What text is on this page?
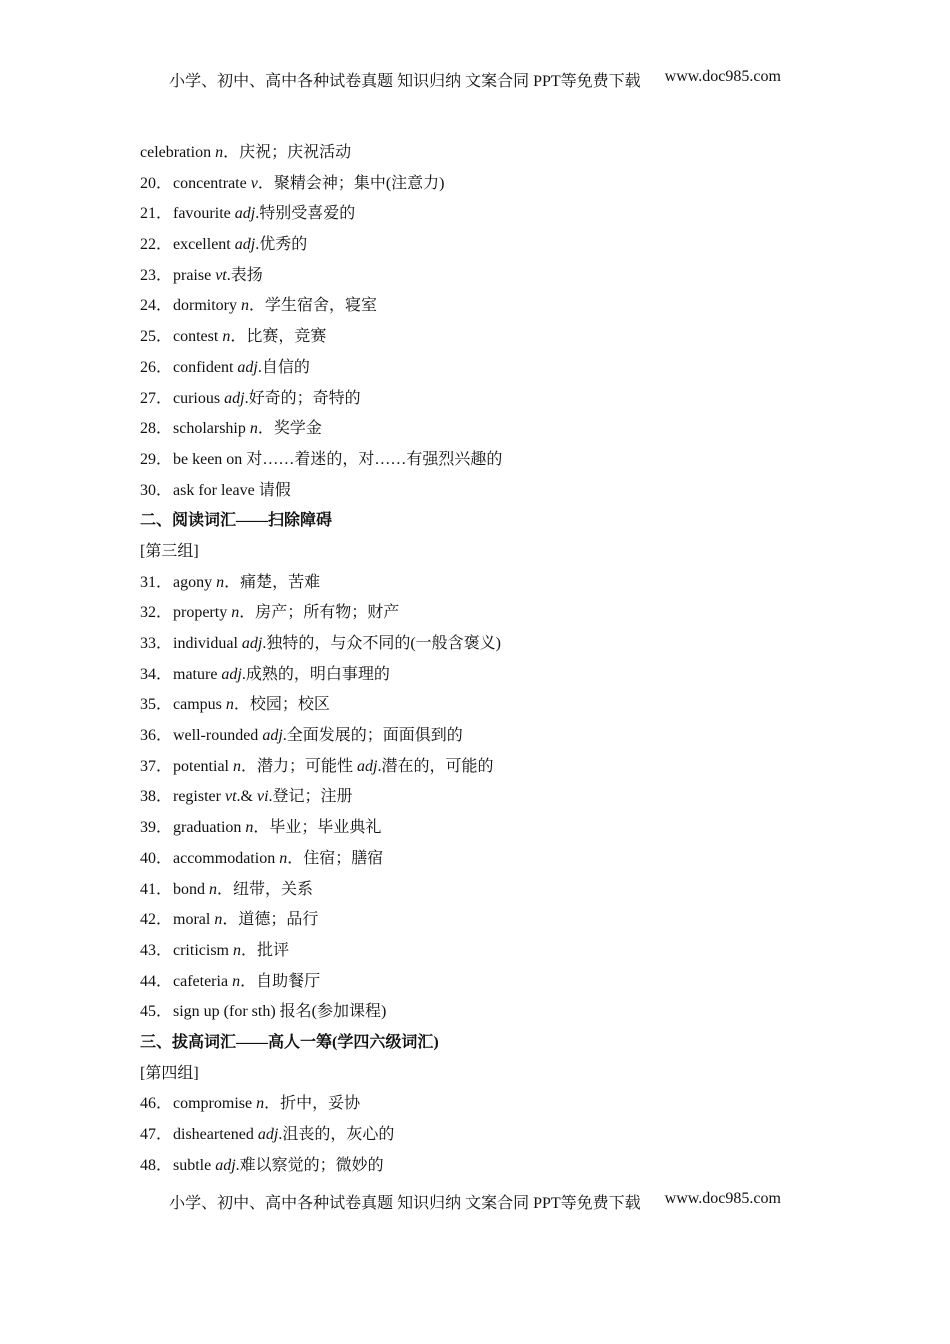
小学、初中、高中各种试卷真题 知识归纳 文案合同 PPT等免费下载 www.doc985.com
celebration n．庆祝；庆祝活动
20．concentrate v．聚精会神；集中(注意力)
21．favourite adj.特别受喜爱的
22．excellent adj.优秀的
23．praise vt.表扬
24．dormitory n．学生宿舍，寝室
25．contest n．比赛，竞赛
26．confident adj.自信的
27．curious adj.好奇的；奇特的
28．scholarship n．奖学金
29．be keen on 对……着迷的，对……有强烈兴趣的
30．ask for leave 请假
二、阅读词汇——扫除障碍
[第三组]
31．agony n．痛楚，苦难
32．property n．房产；所有物；财产
33．individual adj.独特的，与众不同的(一般含褒义)
34．mature adj.成熟的，明白事理的
35．campus n．校园；校区
36．well-rounded adj.全面发展的；面面俱到的
37．potential n．潜力；可能性 adj.潜在的，可能的
38．register vt.& vi.登记；注册
39．graduation n．毕业；毕业典礼
40．accommodation n．住宿；膳宿
41．bond n．纽带，关系
42．moral n．道德；品行
43．criticism n．批评
44．cafeteria n．自助餐厅
45．sign up (for sth) 报名(参加课程)
三、拔高词汇——高人一筹(学四六级词汇)
[第四组]
46．compromise n．折中，妥协
47．disheartened adj.沮丧的，灰心的
48．subtle adj.难以察觉的；微妙的
小学、初中、高中各种试卷真题 知识归纳 文案合同 PPT等免费下载 www.doc985.com
